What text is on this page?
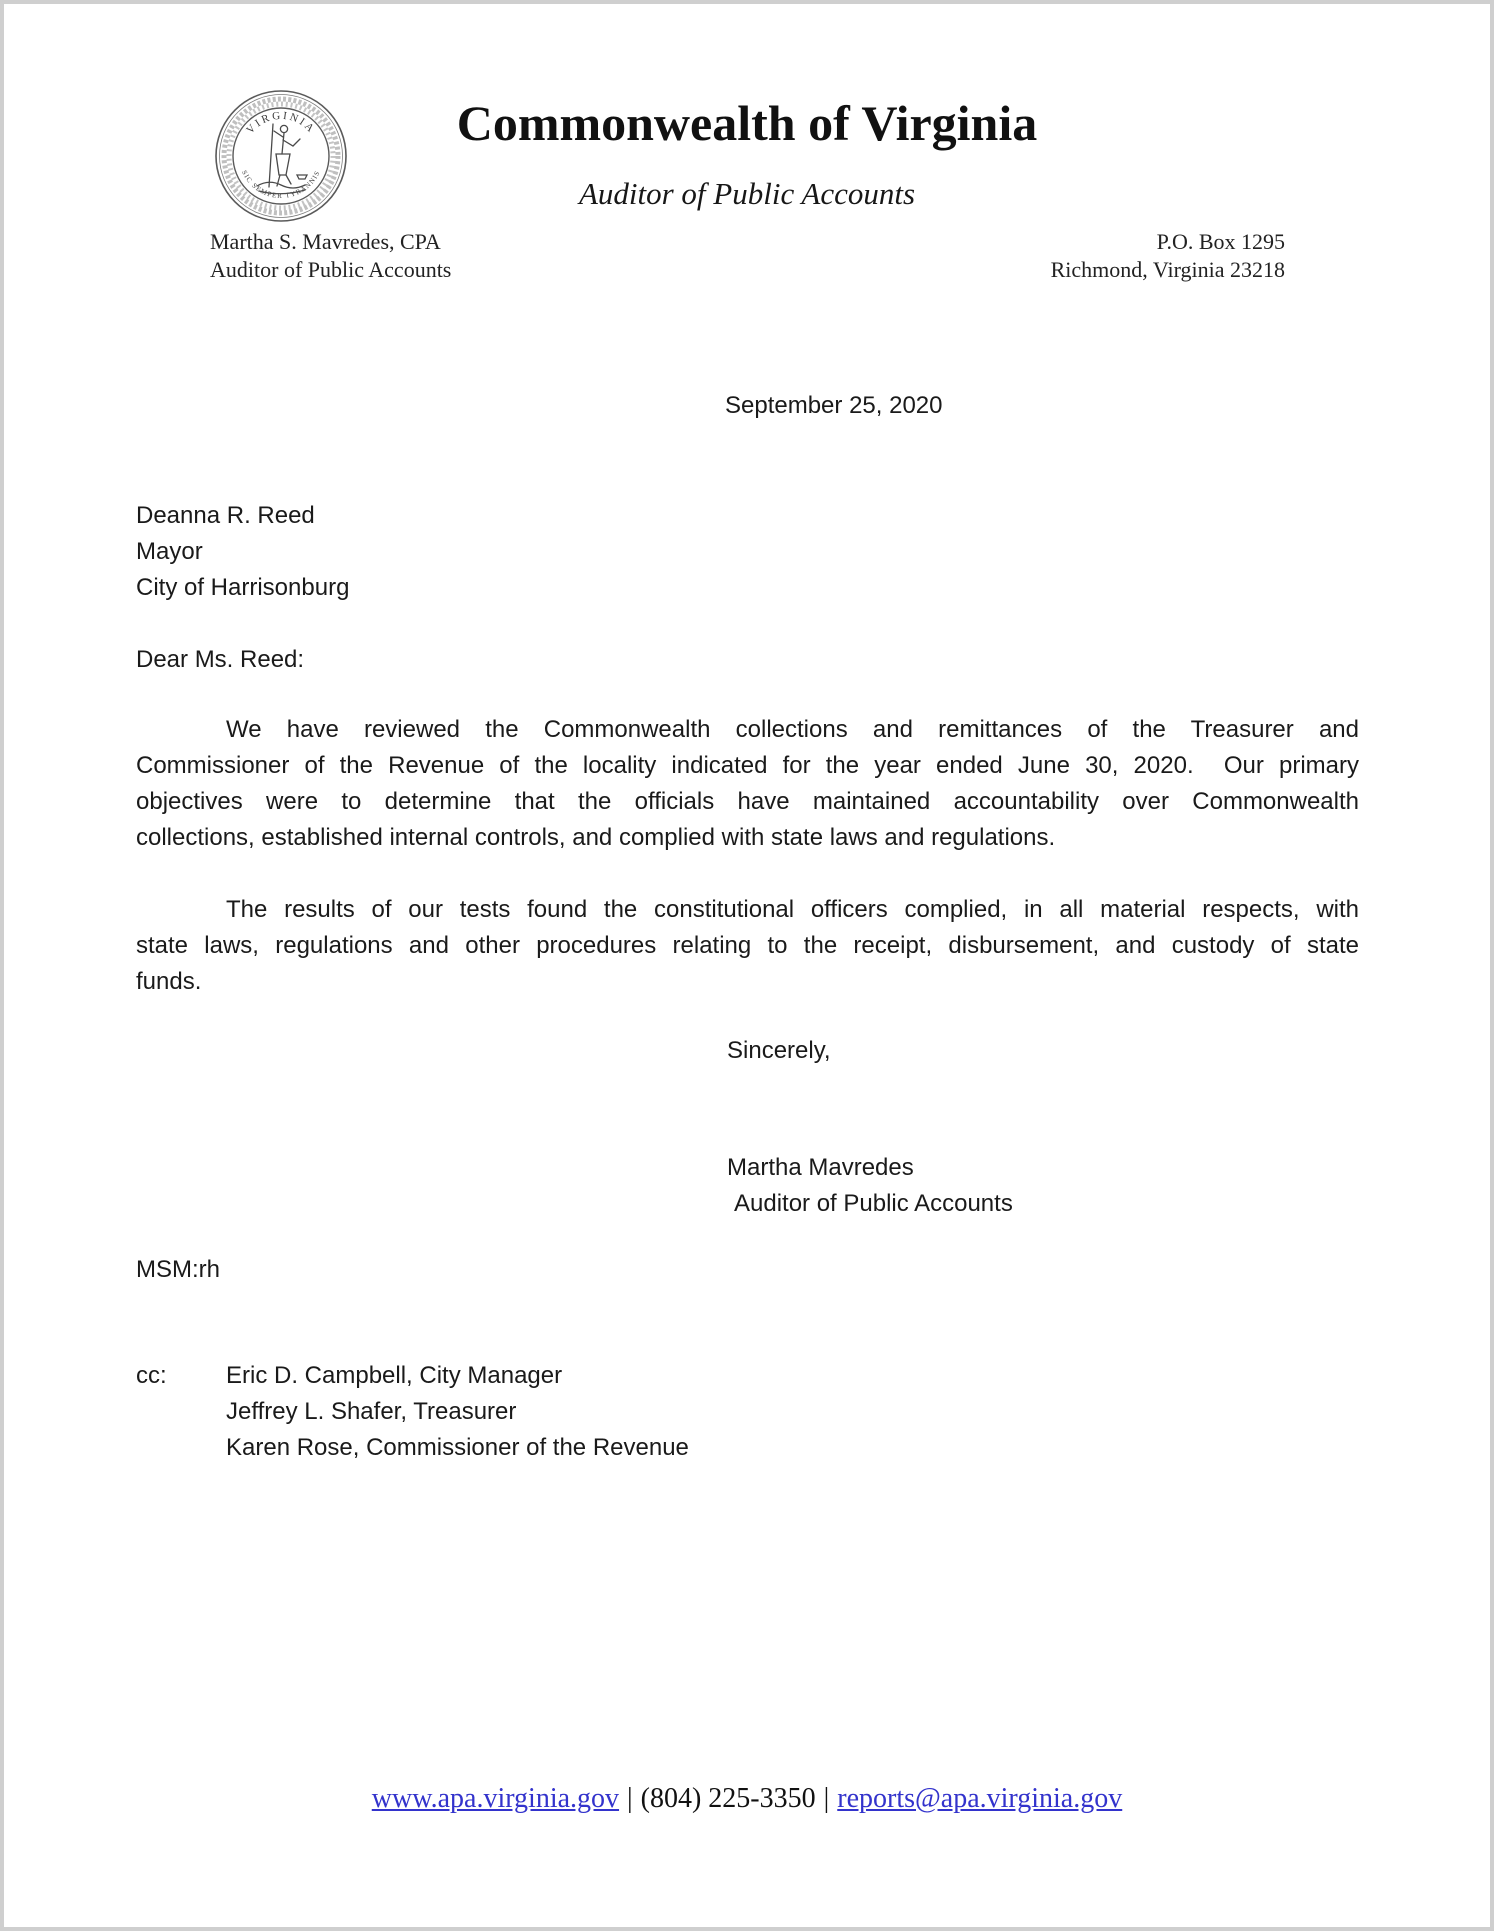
VIRGINIA
SIC SEMPER TYRANNIS
Commonwealth of Virginia
Auditor of Public Accounts
Martha S. Mavredes, CPA
Auditor of Public Accounts
P.O. Box 1295
Richmond, Virginia 23218
September 25, 2020
Deanna R. Reed
Mayor
City of Harrisonburg
Dear Ms. Reed:
We have reviewed the Commonwealth collections and remittances of the Treasurer and
Commissioner of the Revenue of the locality indicated for the year ended June 30, 2020.  Our primary
objectives were to determine that the officials have maintained accountability over Commonwealth
collections, established internal controls, and complied with state laws and regulations.
The results of our tests found the constitutional officers complied, in all material respects, with
state laws, regulations and other procedures relating to the receipt, disbursement, and custody of state
funds.
Sincerely,
Martha Mavredes
Auditor of Public Accounts
MSM:rh
cc:	Eric D. Campbell, City Manager
Jeffrey L. Shafer, Treasurer
Karen Rose, Commissioner of the Revenue
www.apa.virginia.gov | (804) 225-3350 | reports@apa.virginia.gov
